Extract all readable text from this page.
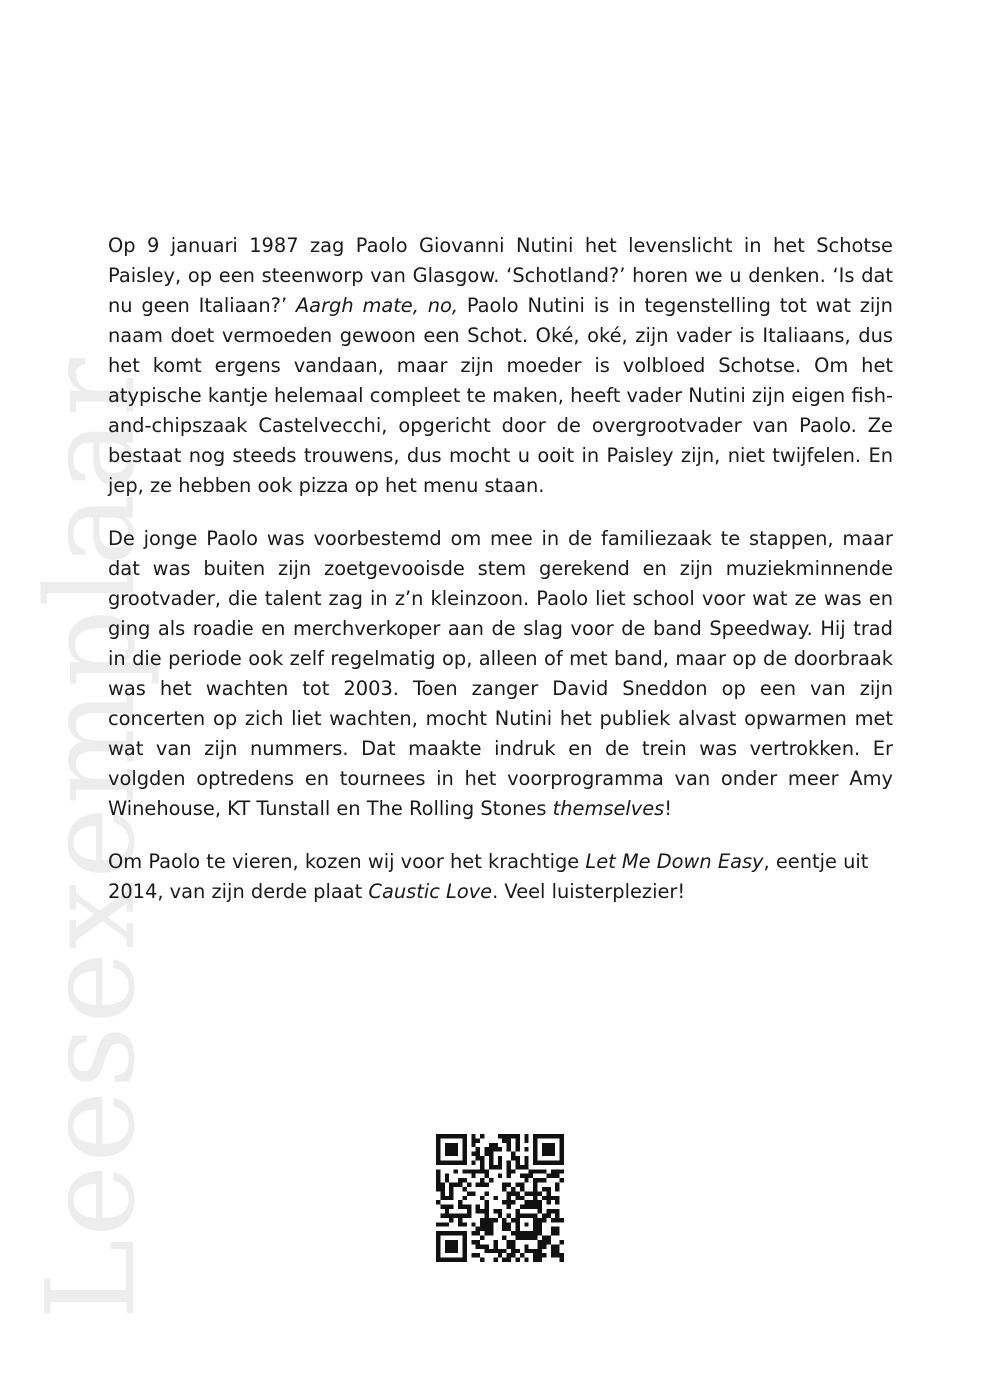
Leesexemplaar

Op 9 januari 1987 zag Paolo Giovanni Nutini het levenslicht in het Schotse Paisley, op een steenworp van Glasgow. ‘Schotland?’ horen we u denken. ‘Is dat nu geen Italiaan?’ Aargh mate, no, Paolo Nutini is in tegenstelling tot wat zijn naam doet vermoeden gewoon een Schot. Oké, oké, zijn vader is Italiaans, dus het komt ergens vandaan, maar zijn moeder is volbloed Schotse. Om het atypische kantje helemaal compleet te maken, heeft vader Nutini zijn eigen fish-and-chipszaak Castelvecchi, opgericht door de overgrootvader van Paolo. Ze bestaat nog steeds trouwens, dus mocht u ooit in Paisley zijn, niet twijfelen. En jep, ze hebben ook pizza op het menu staan.

De jonge Paolo was voorbestemd om mee in de familiezaak te stappen, maar dat was buiten zijn zoetgevooisde stem gerekend en zijn muziekminnende grootvader, die talent zag in z’n kleinzoon. Paolo liet school voor wat ze was en ging als roadie en merchverkoper aan de slag voor de band Speedway. Hij trad in die periode ook zelf regelmatig op, alleen of met band, maar op de doorbraak was het wachten tot 2003. Toen zanger David Sneddon op een van zijn concerten op zich liet wachten, mocht Nutini het publiek alvast opwarmen met wat van zijn nummers. Dat maakte indruk en de trein was vertrokken. Er volgden optredens en tournees in het voorprogramma van onder meer Amy Winehouse, KT Tunstall en The Rolling Stones themselves!

Om Paolo te vieren, kozen wij voor het krachtige Let Me Down Easy, eentje uit 2014, van zijn derde plaat Caustic Love. Veel luisterplezier!
